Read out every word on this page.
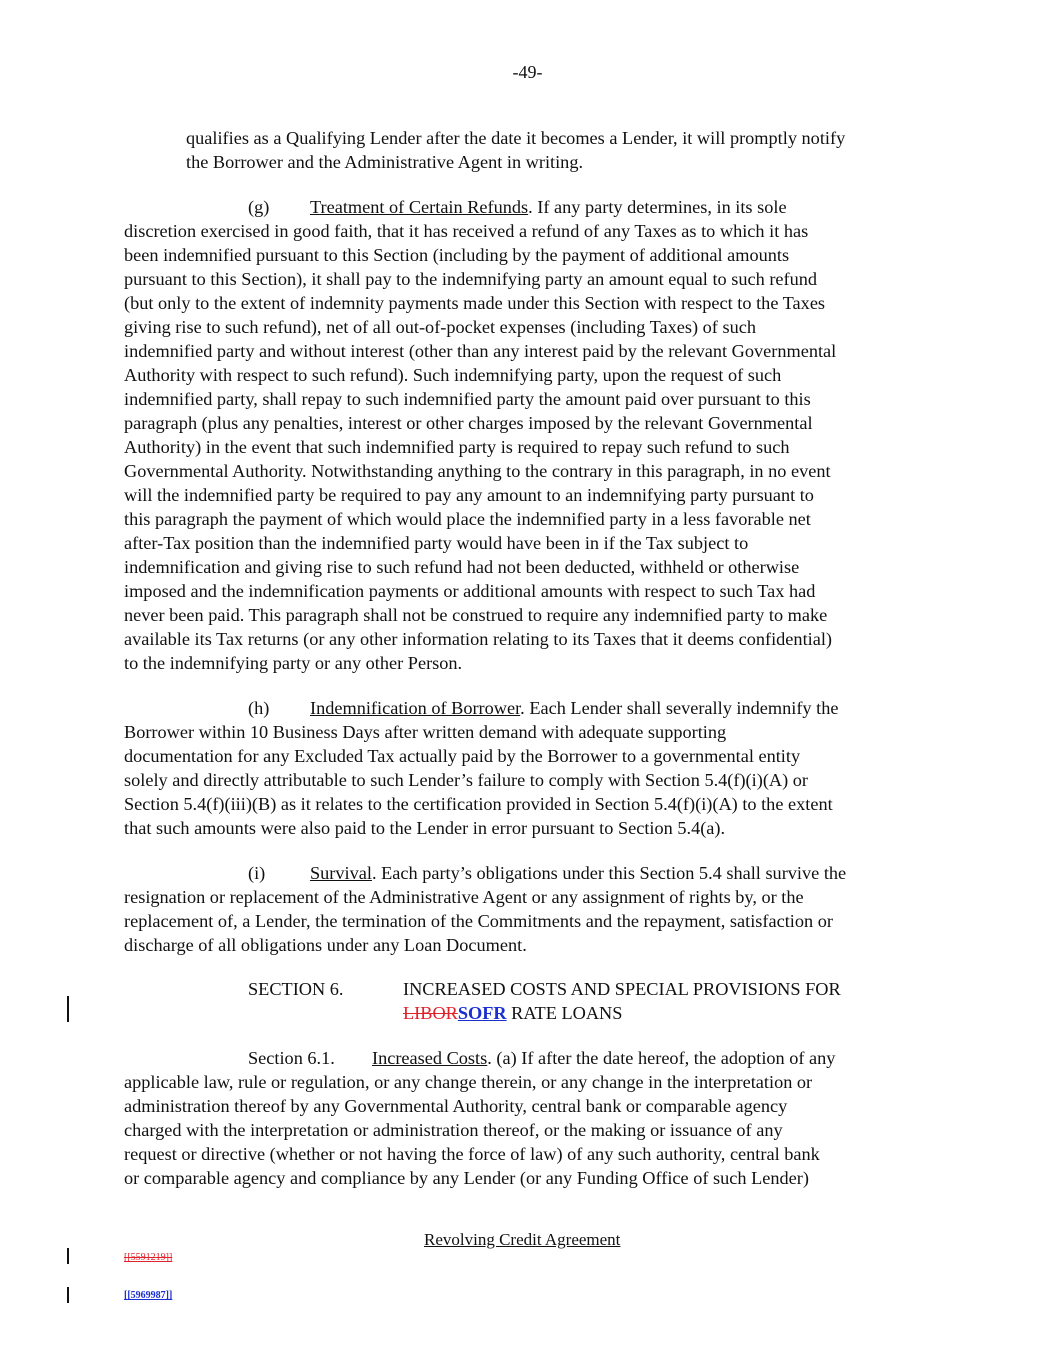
-49-
qualifies as a Qualifying Lender after the date it becomes a Lender, it will promptly notify
the Borrower and the Administrative Agent in writing.
(g) Treatment of Certain Refunds. If any party determines, in its sole
discretion exercised in good faith, that it has received a refund of any Taxes as to which it has
been indemnified pursuant to this Section (including by the payment of additional amounts
pursuant to this Section), it shall pay to the indemnifying party an amount equal to such refund
(but only to the extent of indemnity payments made under this Section with respect to the Taxes
giving rise to such refund), net of all out-of-pocket expenses (including Taxes) of such
indemnified party and without interest (other than any interest paid by the relevant Governmental
Authority with respect to such refund). Such indemnifying party, upon the request of such
indemnified party, shall repay to such indemnified party the amount paid over pursuant to this
paragraph (plus any penalties, interest or other charges imposed by the relevant Governmental
Authority) in the event that such indemnified party is required to repay such refund to such
Governmental Authority. Notwithstanding anything to the contrary in this paragraph, in no event
will the indemnified party be required to pay any amount to an indemnifying party pursuant to
this paragraph the payment of which would place the indemnified party in a less favorable net
after-Tax position than the indemnified party would have been in if the Tax subject to
indemnification and giving rise to such refund had not been deducted, withheld or otherwise
imposed and the indemnification payments or additional amounts with respect to such Tax had
never been paid. This paragraph shall not be construed to require any indemnified party to make
available its Tax returns (or any other information relating to its Taxes that it deems confidential)
to the indemnifying party or any other Person.
(h) Indemnification of Borrower. Each Lender shall severally indemnify the
Borrower within 10 Business Days after written demand with adequate supporting
documentation for any Excluded Tax actually paid by the Borrower to a governmental entity
solely and directly attributable to such Lender’s failure to comply with Section 5.4(f)(i)(A) or
Section 5.4(f)(iii)(B) as it relates to the certification provided in Section 5.4(f)(i)(A) to the extent
that such amounts were also paid to the Lender in error pursuant to Section 5.4(a).
(i) Survival. Each party’s obligations under this Section 5.4 shall survive the
resignation or replacement of the Administrative Agent or any assignment of rights by, or the
replacement of, a Lender, the termination of the Commitments and the repayment, satisfaction or
discharge of all obligations under any Loan Document.
SECTION 6.	INCREASED COSTS AND SPECIAL PROVISIONS FOR
LIBORSOFR RATE LOANS
Section 6.1. Increased Costs. (a) If after the date hereof, the adoption of any
applicable law, rule or regulation, or any change therein, or any change in the interpretation or
administration thereof by any Governmental Authority, central bank or comparable agency
charged with the interpretation or administration thereof, or the making or issuance of any
request or directive (whether or not having the force of law) of any such authority, central bank
or comparable agency and compliance by any Lender (or any Funding Office of such Lender)
Revolving Credit Agreement
[[5591219]]
[[5969987]]
